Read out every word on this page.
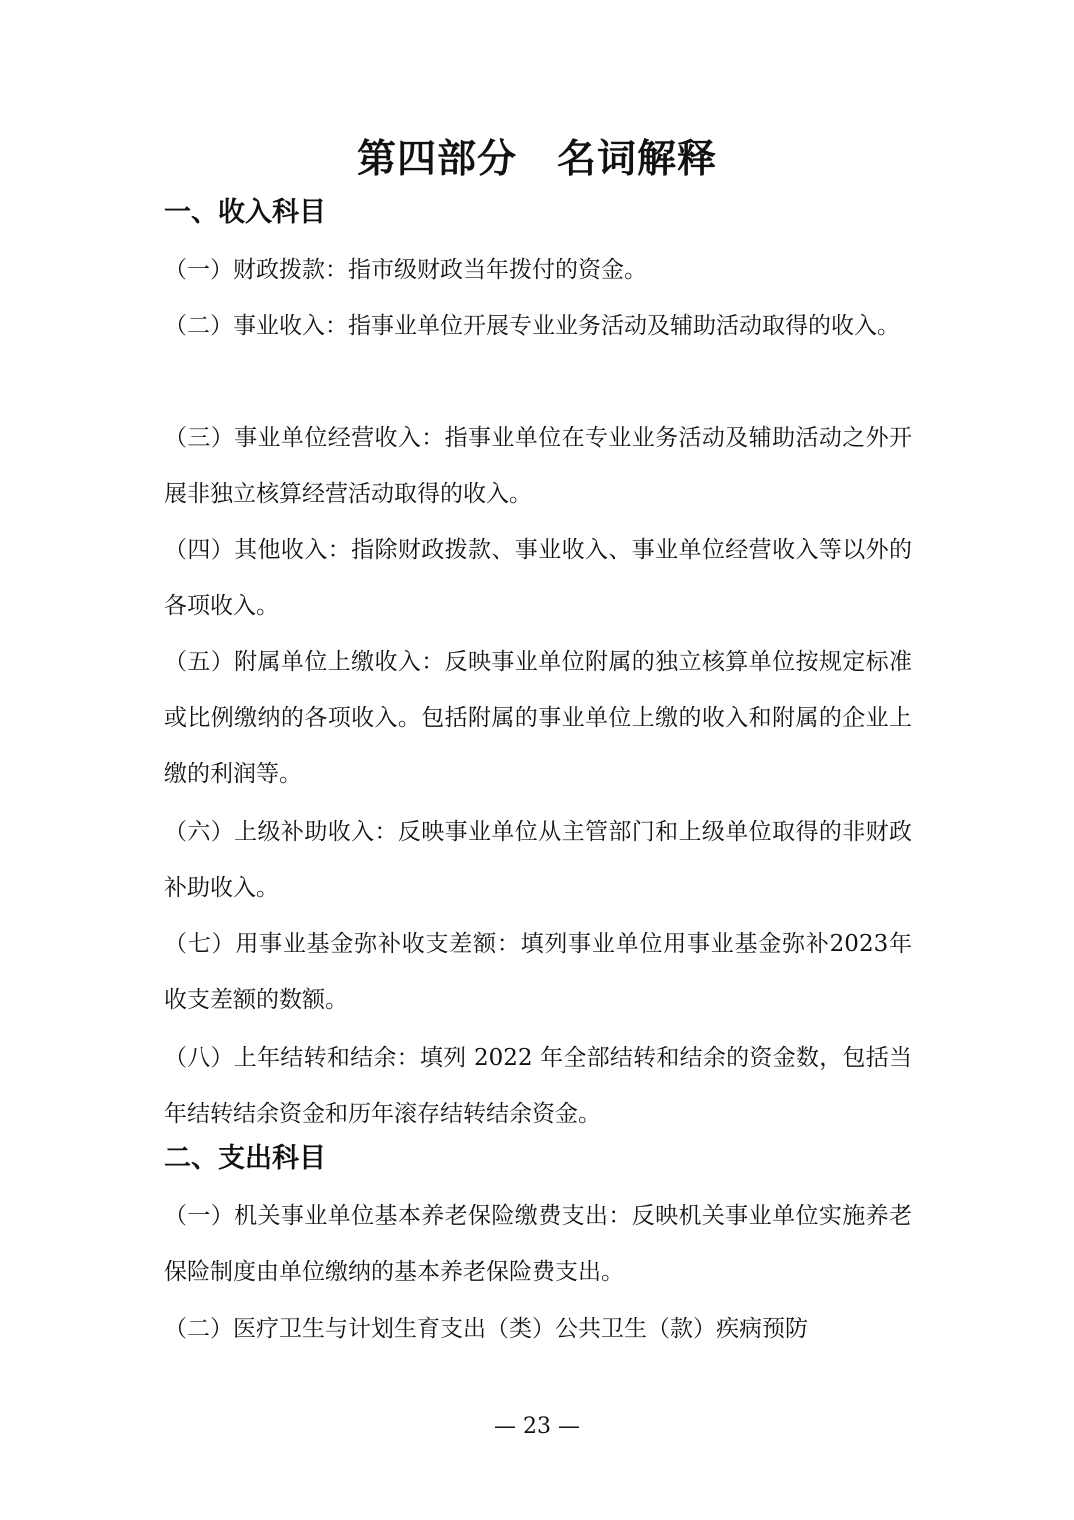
第四部分　名词解释
一、收入科目
（一）财政拨款：指市级财政当年拨付的资金。
（二）事业收入：指事业单位开展专业业务活动及辅助活动取得的收入。
（三）事业单位经营收入：指事业单位在专业业务活动及辅助活动之外开展非独立核算经营活动取得的收入。
（四）其他收入：指除财政拨款、事业收入、事业单位经营收入等以外的各项收入。
（五）附属单位上缴收入：反映事业单位附属的独立核算单位按规定标准或比例缴纳的各项收入。包括附属的事业单位上缴的收入和附属的企业上缴的利润等。
（六）上级补助收入：反映事业单位从主管部门和上级单位取得的非财政补助收入。
（七）用事业基金弥补收支差额：填列事业单位用事业基金弥补2023年收支差额的数额。
（八）上年结转和结余：填列 2022 年全部结转和结余的资金数，包括当年结转结余资金和历年滚存结转结余资金。
二、支出科目
（一）机关事业单位基本养老保险缴费支出：反映机关事业单位实施养老保险制度由单位缴纳的基本养老保险费支出。
（二）医疗卫生与计划生育支出（类）公共卫生（款）疾病预防
— 23 —
